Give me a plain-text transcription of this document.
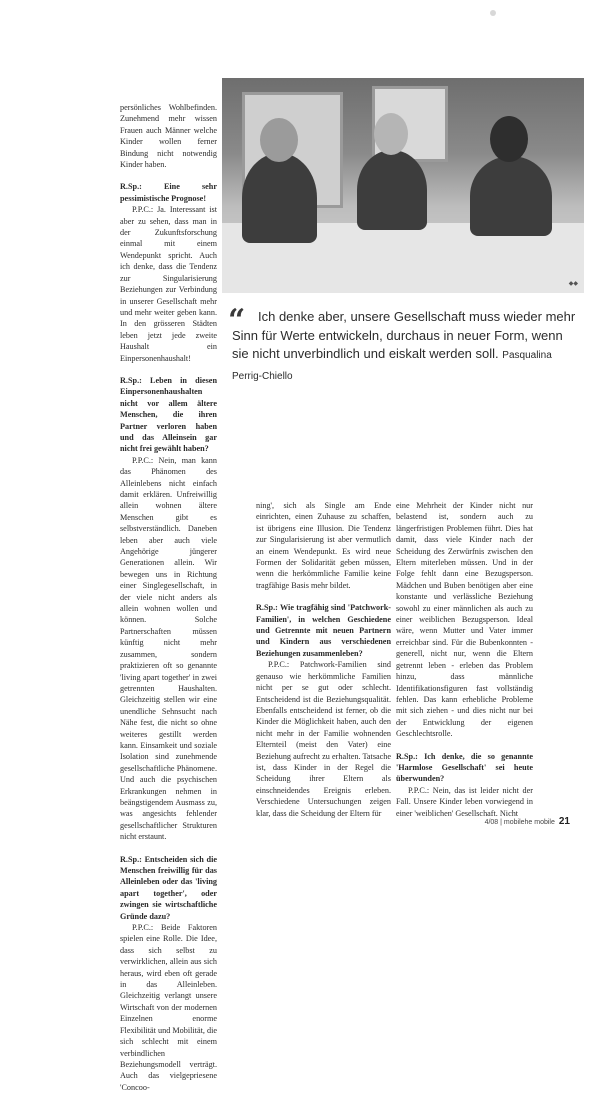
persönliches Wohlbefinden. Zunehmend mehr wissen Frauen auch Männer welche Kinder wollen ferner Bindung nicht notwendig Kinder haben.

R.Sp.: Eine sehr pessimistische Prognose!

P.P.C.: Ja. Interessant ist aber zu sehen, dass man in der Zukunftsforschung einmal mit einem Wendepunkt spricht. Auch ich denke, dass die Tendenz zur Singularisierung Beziehungen zur Verbindung in unserer Gesellschaft mehr und mehr weiter geben kann. In den grösseren Städten leben jetzt jede zweite Haushalt ein Einpersonenhaushalt!

R.Sp.: Leben in diesen Einpersonenhaushalten nicht vor allem ältere Menschen, die ihren Partner verloren haben und das Alleinsein gar nicht frei gewählt haben?

P.P.C.: Nein, man kann das Phänomen des Alleinlebens nicht einfach damit erklären. Unfreiwillig allein wohnen ältere Menschen gibt es selbstverständlich. Daneben leben aber auch viele Angehörige jüngerer Generationen allein. Wir bewegen uns in Richtung einer Singlegesellschaft, in der viele nicht anders als allein wohnen wollen und können. Solche Partnerschaften müssen künftig nicht mehr zusammen, sondern praktizieren oft so genannte 'living apart together' in zwei getrennten Haushalten. Gleichzeitig stellen wir eine unendliche Sehnsucht nach Nähe fest, die nicht so ohne weiteres gestillt werden kann. Einsamkeit und soziale Isolation sind zunehmende gesellschaftliche Phänomene. Und auch die psychischen Erkrankungen nehmen in beängstigendem Ausmass zu, was angesichts fehlender gesellschaftlicher Strukturen nicht erstaunt.

R.Sp.: Entscheiden sich die Menschen freiwillig für das Alleinleben oder das 'living apart together', oder zwingen sie wirtschaftliche Gründe dazu?

P.P.C.: Beide Faktoren spielen eine Rolle. Die Idee, dass sich selbst zu verwirklichen, allein aus sich heraus, wird eben oft gerade in das Alleinleben. Gleichzeitig verlangt unsere Wirtschaft von der modernen Einzelnen enorme Flexibilität und Mobilität, die sich schlecht mit einem verbindlichen Beziehungsmodell verträgt. Auch das vielgepriesene 'Concoo-

◆◆
“ Ich denke aber, unsere Gesellschaft muss wieder mehr Sinn für Werte entwickeln, durchaus in neuer Form, wenn sie nicht unverbindlich und eiskalt werden soll. Pasqualina Perrig-Chiello

ning', sich als Single am Ende einrichten, einen Zuhause zu schaffen, ist übrigens eine Illusion. Die Tendenz zur Singularisierung ist aber vermutlich an einem Wendepunkt. Es wird neue Formen der Solidarität geben müssen, wenn die herkömmliche Familie keine tragfähige Basis mehr bildet.

R.Sp.: Wie tragfähig sind 'Patchwork-Familien', in welchen Geschiedene und Getrennte mit neuen Partnern und Kindern aus verschiedenen Beziehungen zusammenleben?

P.P.C.: Patchwork-Familien sind genauso wie herkömmliche Familien nicht per se gut oder schlecht. Entscheidend ist die Beziehungsqualität. Ebenfalls entscheidend ist ferner, ob die Kinder die Möglichkeit haben, auch den nicht mehr in der Familie wohnenden Elternteil (meist den Vater) eine Beziehung aufrecht zu erhalten. Tatsache ist, dass Kinder in der Regel die Scheidung ihrer Eltern als einschneidendes Ereignis erleben. Verschiedene Untersuchungen zeigen klar, dass die Scheidung der Eltern für

eine Mehrheit der Kinder nicht nur belastend ist, sondern auch zu längerfristigen Problemen führt. Dies hat damit, dass viele Kinder nach der Scheidung des Zerwürfnis zwischen den Eltern miterleben müssen. Und in der Folge fehlt dann eine Bezugsperson. Mädchen und Buben benötigen aber eine konstante und verlässliche Beziehung sowohl zu einer männlichen als auch zu einer weiblichen Bezugsperson. Ideal wäre, wenn Mutter und Vater immer erreichbar sind. Für die Bubenkonnten - generell, nicht nur, wenn die Eltern getrennt leben - erleben das Problem hinzu, dass männliche Identifikationsfiguren fast vollständig fehlen. Das kann erhebliche Probleme mit sich ziehen - und dies nicht nur bei der Entwicklung der eigenen Geschlechtsrolle.

R.Sp.: Ich denke, die so genannte 'Harmlose Gesellschaft' sei heute überwunden?

P.P.C.: Nein, das ist leider nicht der Fall. Unsere Kinder leben vorwiegend in einer 'weiblichen' Gesellschaft. Nicht

4/08 | mobilehe mobile 21
